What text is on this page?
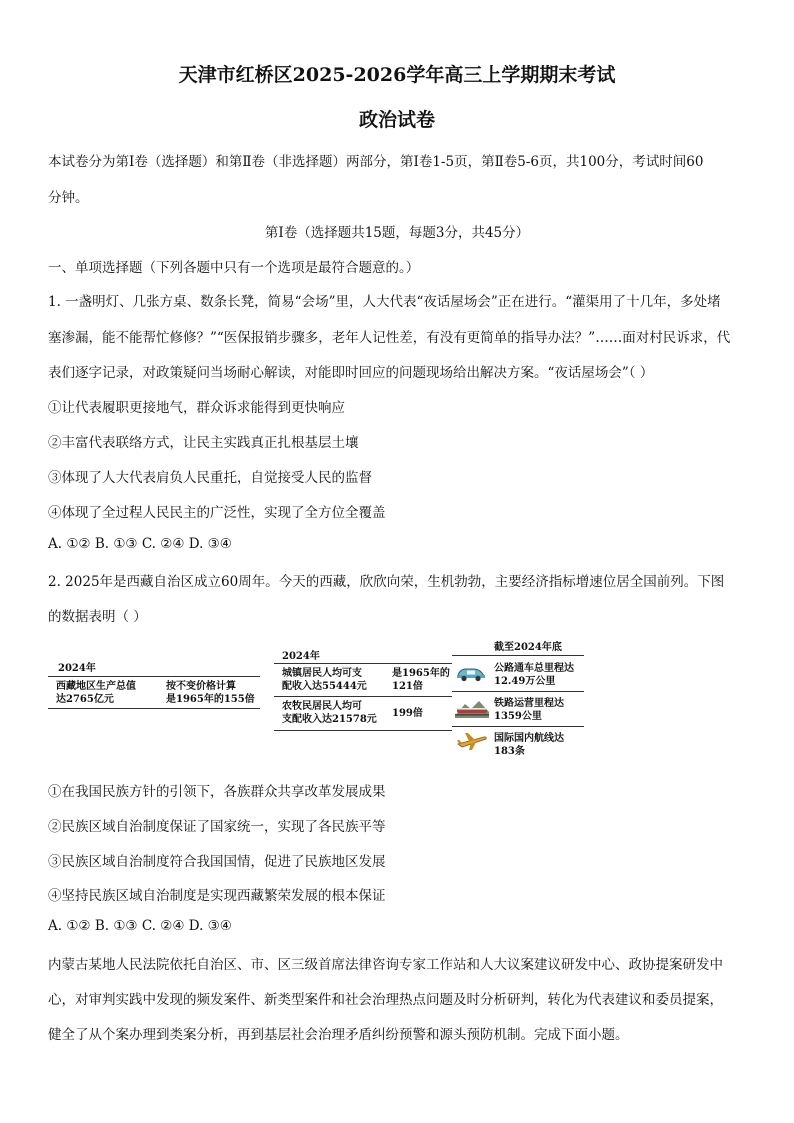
天津市红桥区2025-2026学年高三上学期期末考试
政治试卷
本试卷分为第Ⅰ卷（选择题）和第Ⅱ卷（非选择题）两部分，第Ⅰ卷1-5页，第Ⅱ卷5-6页，共100分，考试时间60
分钟。
第Ⅰ卷（选择题共15题，每题3分，共45分）
一、单项选择题（下列各题中只有一个选项是最符合题意的。）
1. 一盏明灯、几张方桌、数条长凳，简易“会场”里，人大代表“夜话屋场会”正在进行。“灌渠用了十几年，多处堵
塞渗漏，能不能帮忙修修？”“医保报销步骤多，老年人记性差，有没有更简单的指导办法？”……面对村民诉求，代
表们逐字记录，对政策疑问当场耐心解读，对能即时回应的问题现场给出解决方案。“夜话屋场会”（ ）
①让代表履职更接地气，群众诉求能得到更快响应
②丰富代表联络方式，让民主实践真正扎根基层土壤
③体现了人大代表肩负人民重托，自觉接受人民的监督
④体现了全过程人民民主的广泛性，实现了全方位全覆盖
A. ①② B. ①③ C. ②④ D. ③④
2. 2025年是西藏自治区成立60周年。今天的西藏，欣欣向荣，生机勃勃，主要经济指标增速位居全国前列。下图
的数据表明（ ）
2024年
西藏地区生产总值
达2765亿元
按不变价格计算
是1965年的155倍
2024年
城镇居民人均可支
配收入达55444元
是1965年的
121倍
农牧民居民人均可
支配收入达21578元
199倍
截至2024年底
公路通车总里程达
12.49万公里
铁路运营里程达
1359公里
国际国内航线达
183条
①在我国民族方针的引领下，各族群众共享改革发展成果
②民族区域自治制度保证了国家统一，实现了各民族平等
③民族区域自治制度符合我国国情，促进了民族地区发展
④坚持民族区域自治制度是实现西藏繁荣发展的根本保证
A. ①② B. ①③ C. ②④ D. ③④
内蒙古某地人民法院依托自治区、市、区三级首席法律咨询专家工作站和人大议案建议研发中心、政协提案研发中
心，对审判实践中发现的频发案件、新类型案件和社会治理热点问题及时分析研判，转化为代表建议和委员提案，
健全了从个案办理到类案分析，再到基层社会治理矛盾纠纷预警和源头预防机制。完成下面小题。
